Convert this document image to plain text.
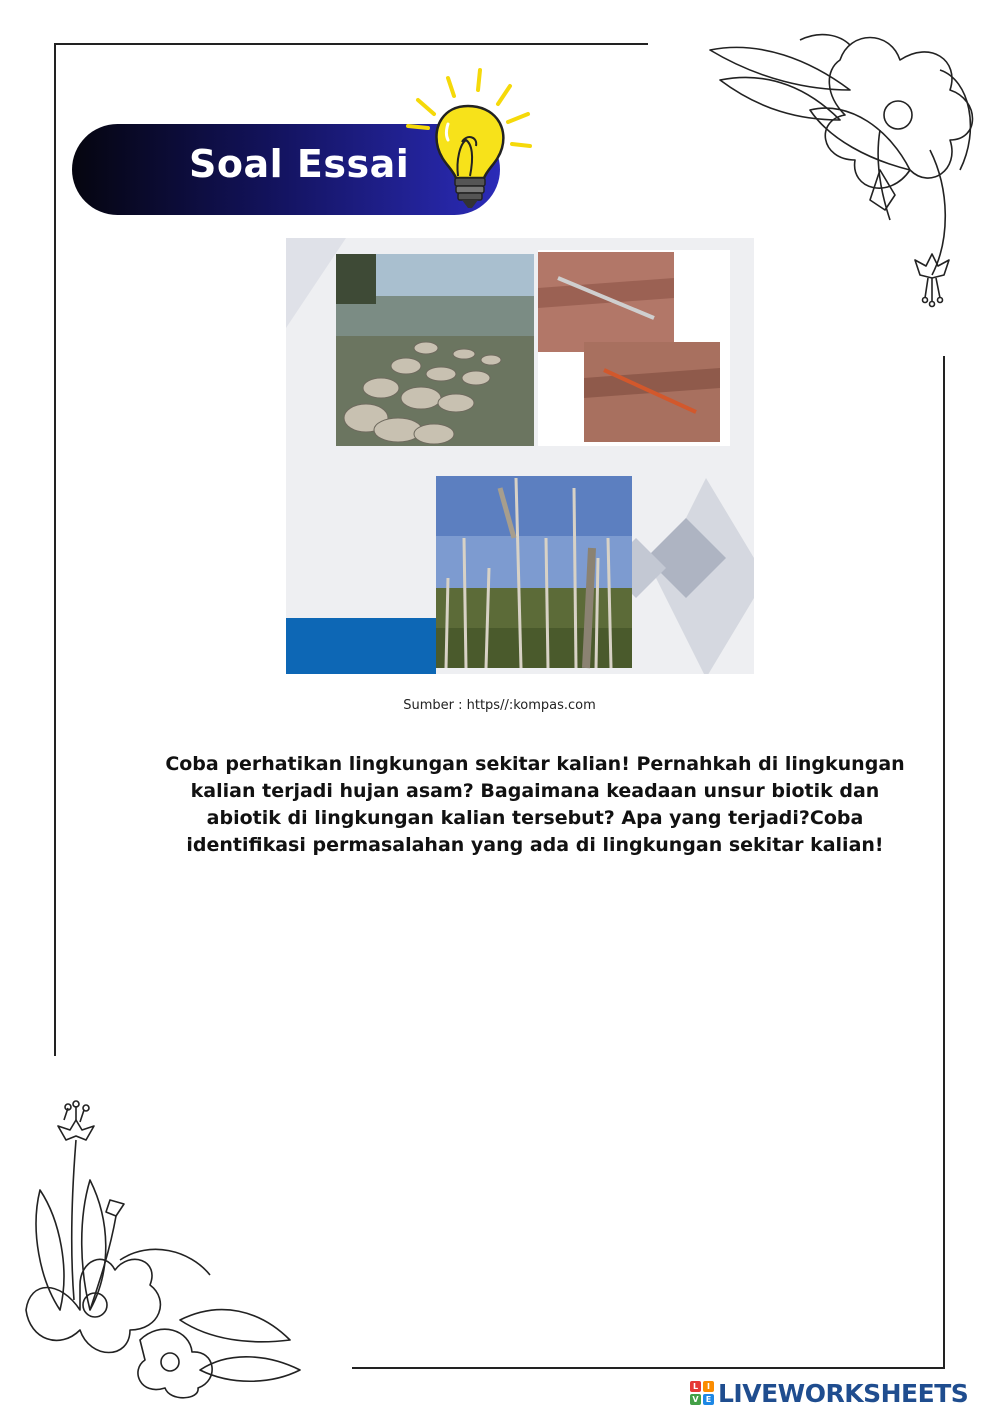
Soal Essai
Sumber : https//:kompas.com
Coba perhatikan lingkungan sekitar kalian! Pernahkah di lingkungan kalian terjadi hujan asam? Bagaimana keadaan unsur biotik dan abiotik di lingkungan kalian tersebut? Apa yang terjadi?Coba identifikasi permasalahan yang ada di lingkungan sekitar kalian!
L	I
V E LIVEWORKSHEETS
